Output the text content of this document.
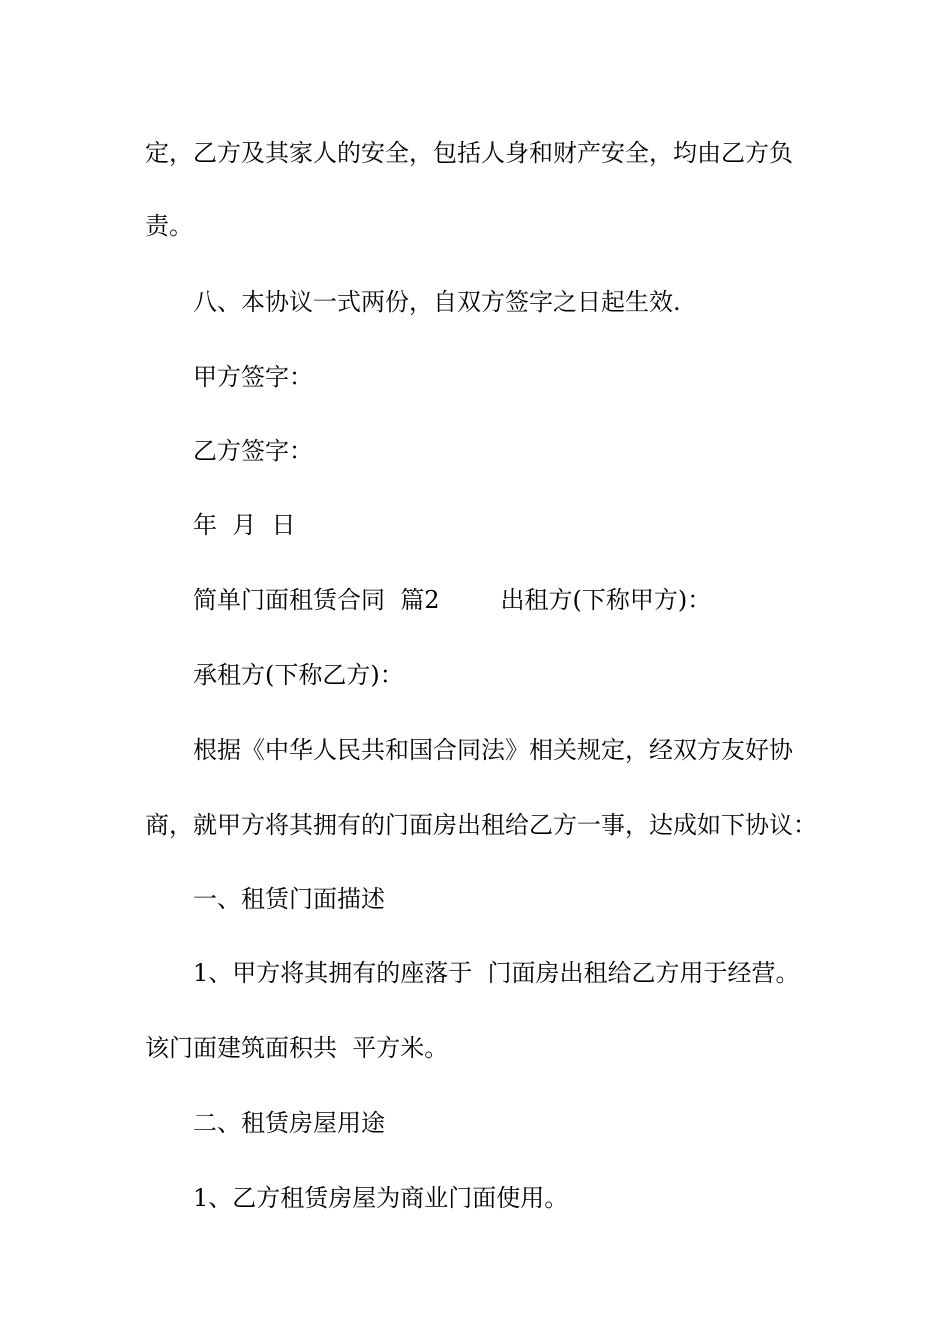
定，乙方及其家人的安全，包括人身和财产安全，均由乙方负
责。
八、本协议一式两份，自双方签字之日起生效.
甲方签字：
乙方签字：
年  月  日
简单门面租赁合同  篇2        出租方(下称甲方)：
承租方(下称乙方)：
根据《中华人民共和国合同法》相关规定，经双方友好协
商，就甲方将其拥有的门面房出租给乙方一事，达成如下协议：
一、租赁门面描述
1、甲方将其拥有的座落于  门面房出租给乙方用于经营。
该门面建筑面积共  平方米。
二、租赁房屋用途
1、乙方租赁房屋为商业门面使用。
